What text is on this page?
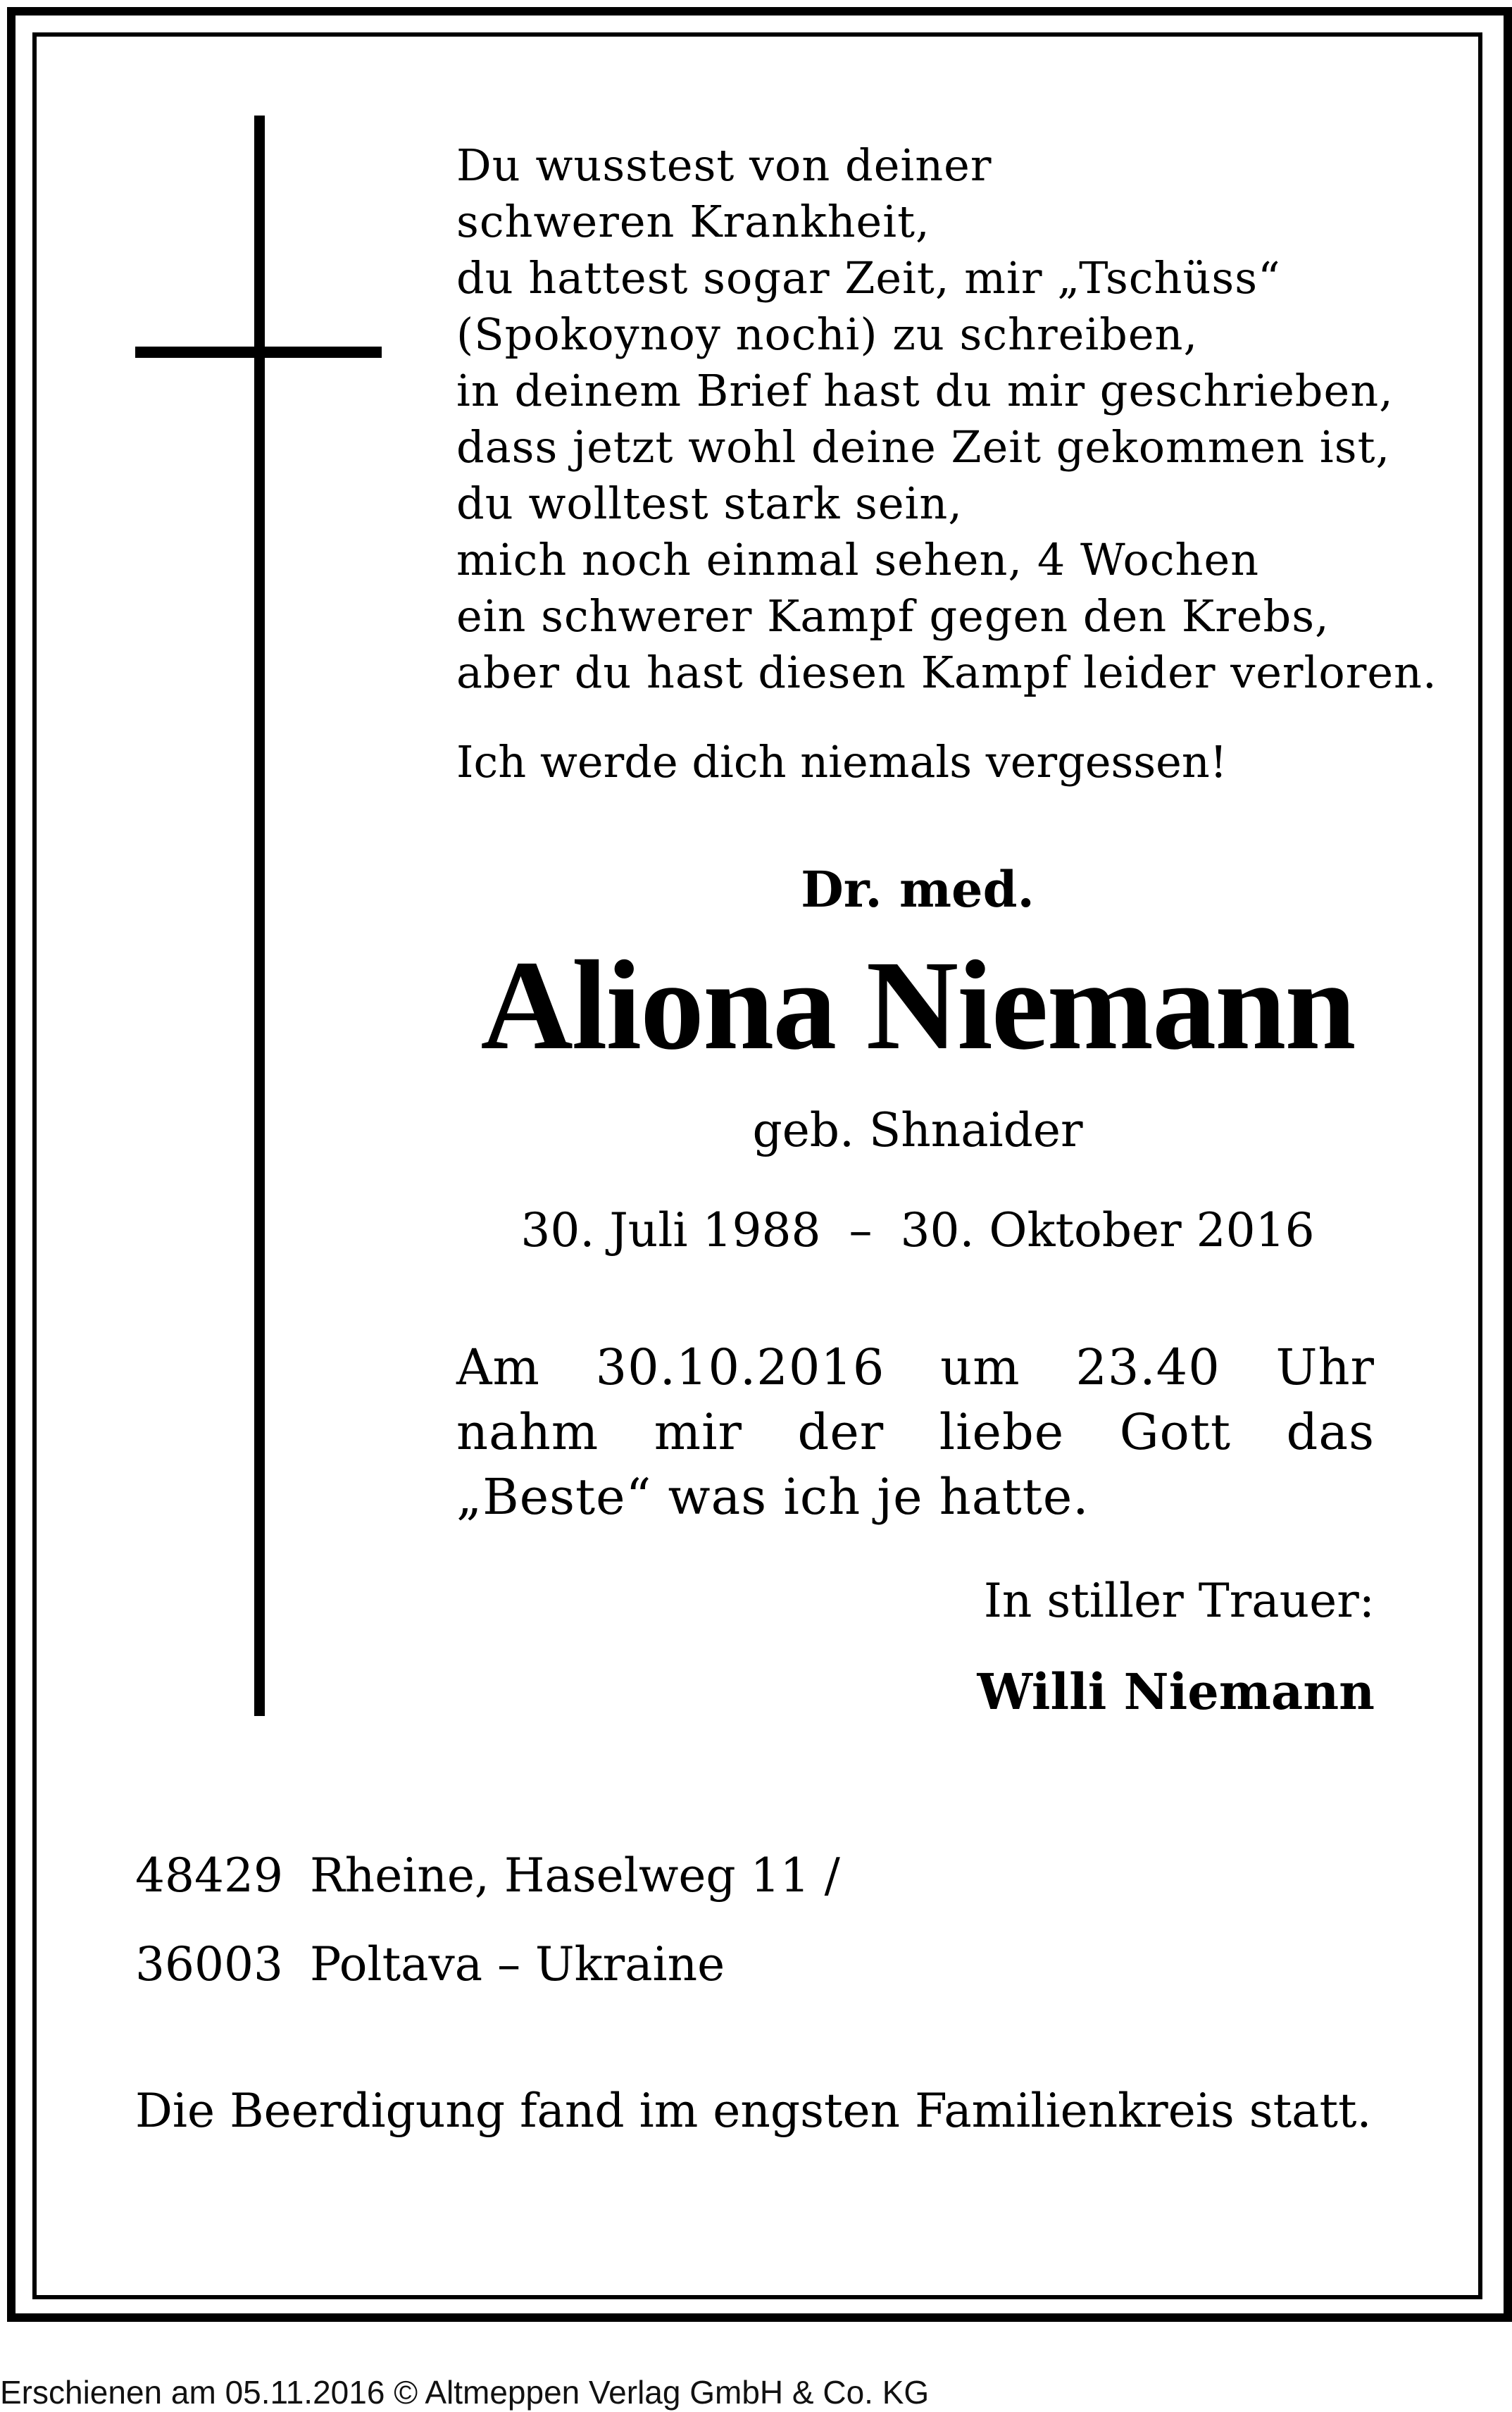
Du wusstest von deiner
schweren Krankheit,
du hattest sogar Zeit, mir „Tschüss“
(Spokoynoy nochi) zu schreiben,
in deinem Brief hast du mir geschrieben,
dass jetzt wohl deine Zeit gekommen ist,
du wolltest stark sein,
mich noch einmal sehen, 4 Wochen
ein schwerer Kampf gegen den Krebs,
aber du hast diesen Kampf leider verloren.
Ich werde dich niemals vergessen!
Dr. med.
Aliona Niemann
geb. Shnaider
30. Juli 1988 – 30. Oktober 2016
Am 30.10.2016 um 23.40 Uhr nahm mir der liebe Gott das „Beste“ was ich je hatte.
In stiller Trauer:
Willi Niemann
48429 Rheine, Haselweg 11 /
36003 Poltava – Ukraine
Die Beerdigung fand im engsten Familienkreis statt.
Erschienen am 05.11.2016 © Altmeppen Verlag GmbH & Co. KG
